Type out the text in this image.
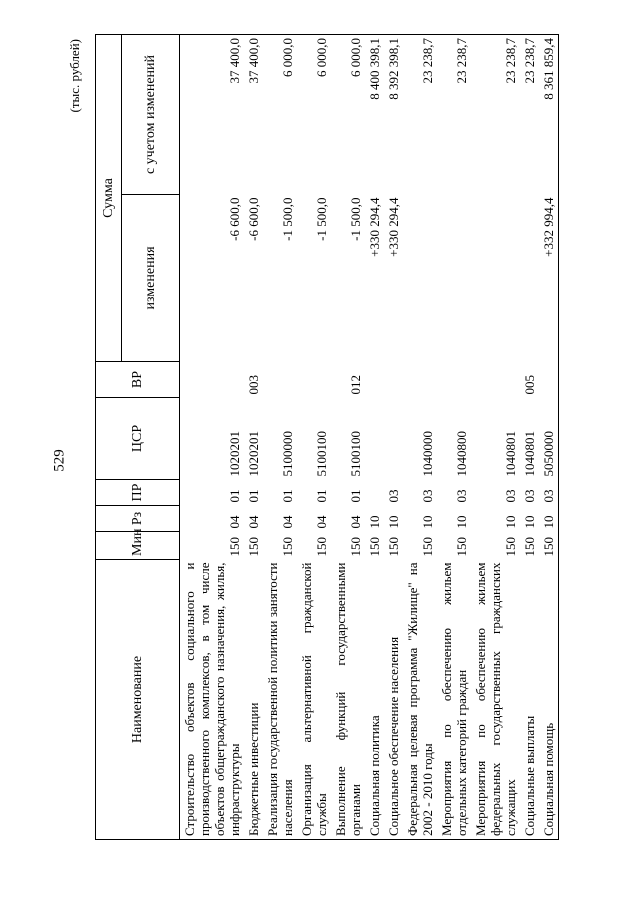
529
(тыс. рублей)
Наименование	Мин	Рз	ПР	ЦСР	ВР	Сумма	
						изменения	с учетом изменений
Строительство объектов социального и производственного комплексов, в том числе объектов общегражданского назначения, жилья, инфраструктуры	150	04	01	1020201		-6 600,0	37 400,0
Бюджетные инвестиции	150	04	01	1020201	003	-6 600,0	37 400,0
Реализация государственной политики занятости населения	150	04	01	5100000		-1 500,0	6 000,0
Организация альтернативной гражданской службы	150	04	01	5100100		-1 500,0	6 000,0
Выполнение функций государственными органами	150	04	01	5100100	012	-1 500,0	6 000,0
Социальная политика	150	10				+330 294,4	8 400 398,1
Социальное обеспечение населения	150	10	03			+330 294,4	8 392 398,1
Федеральная целевая программа "Жилище" на 2002 - 2010 годы	150	10	03	1040000			23 238,7
Мероприятия по обеспечению жильем отдельных категорий граждан	150	10	03	1040800			23 238,7
Мероприятия по обеспечению жильем федеральных государственных гражданских служащих	150	10	03	1040801			23 238,7
Социальные выплаты	150	10	03	1040801	005		23 238,7
Социальная помощь	150	10	03	5050000		+332 994,4	8 361 859,4
